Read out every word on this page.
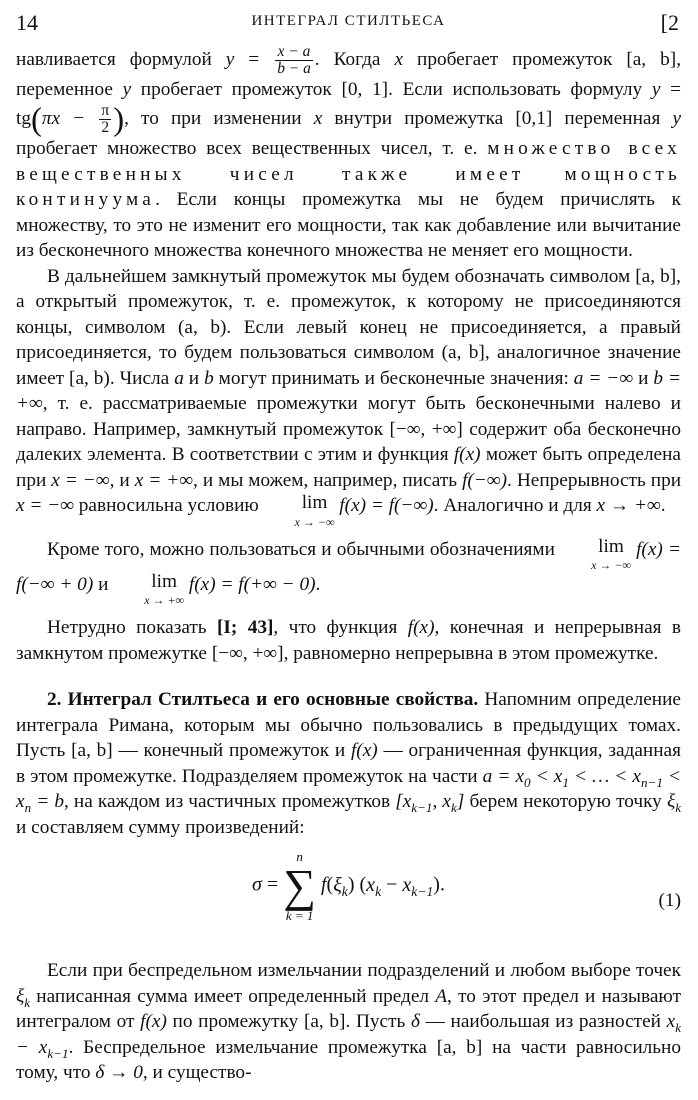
14	ИНТЕГРАЛ СТИЛТЬЕСА	[2

навливается формулой $y = \frac{x - a}{b - a}$ . Когда x пробегает промежуток [a, b], переменное y пробегает промежуток [0, 1]. Если использовать формулу $y = tg(\pi x - \frac{\pi}{2}$ ), то при изменении x внутри промежутка [0,1] переменная y пробегает множество всех вещественных чисел, т. е. множество всех вещественных чисел также имеет мощность континуума. Если концы промежутка мы не будем причислять к множеству, то это не изменит его мощности, так как добавление или вычитание из бесконечного множества конечного множества не меняет его мощности.

В дальнейшем замкнутый промежуток мы будем обозначать символом [a, b], а открытый промежуток, т. е. промежуток, к которому не присоединяются концы, символом (a, b). Если левый конец не присоединяется, а правый присоединяется, то будем пользоваться символом (a, b], аналогичное значение имеет [a, b). Числа a и b могут принимать и бесконечные значения: a = −∞ и b = +∞, т. е. рассматриваемые промежутки могут быть бесконечными налево и направо. Например, замкнутый промежуток [−∞, +∞] содержит оба бесконечно далеких элемента. В соответствии с этим и функция f(x) может быть определена при x = −∞, и x = +∞, и мы можем, например, писать f(−∞). Непрерывность при x = −∞ равносильна условию	lim
x → −∞
f(x) = f(−∞). Аналогично и для x → +∞.

Кроме того, можно пользоваться и обычными обозначениями	lim
x → −∞
f(x) = f(−∞ + 0) и	lim
x → +∞
f(x) = f(+∞ − 0).

Нетрудно показать [I; 43], что функция f(x), конечная и непрерывная в замкнутом промежутке [−∞, +∞], равномерно непрерывна в этом промежутке.

2. Интеграл Стилтьеса и его основные свойства. Напомним определение интеграла Римана, которым мы обычно пользовались в предыдущих томах. Пусть [a, b] — конечный промежуток и f(x) — ограниченная функция, заданная в этом промежутке. Подразделяем промежуток на части $a = x_0 < x_1$ < … < $x_{n-1} < x_n = b$, на каждом из частичных промежутков [$x_{k-1}$, $x_k$] берем некоторую точку $\xi_k$ и составляем сумму произведений:

σ =
n
∑
k = 1
$f(\xi_k) (x_k - x_{k-1})$.
(1)

Если при беспредельном измельчании подразделений и любом выборе точек $\xi_k$ написанная сумма имеет определенный предел A, то этот предел и называют интегралом от f(x) по промежутку [a, b]. Пусть δ — наибольшая из разностей $x_k - x_{k-1}$. Беспредельное измельчание промежутка [a, b] на части равносильно тому, что δ → 0, и существо-
